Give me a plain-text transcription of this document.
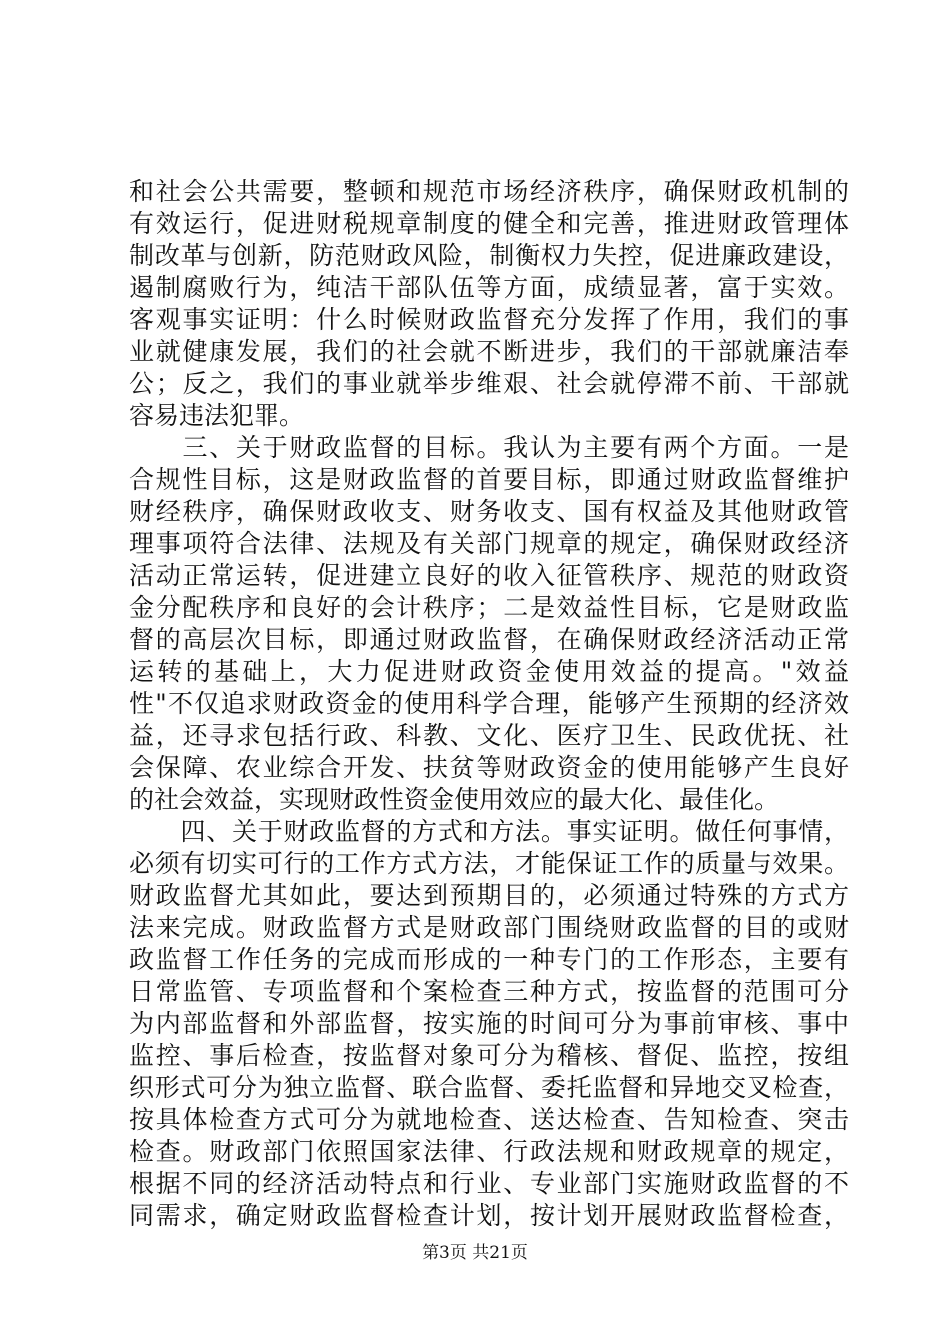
和社会公共需要，整顿和规范市场经济秩序，确保财政机制的
有效运行，促进财税规章制度的健全和完善，推进财政管理体
制改革与创新，防范财政风险，制衡权力失控，促进廉政建设，
遏制腐败行为，纯洁干部队伍等方面，成绩显著，富于实效。
客观事实证明：什么时候财政监督充分发挥了作用，我们的事
业就健康发展，我们的社会就不断进步，我们的干部就廉洁奉
公；反之，我们的事业就举步维艰、社会就停滞不前、干部就
容易违法犯罪。
　　三、关于财政监督的目标。我认为主要有两个方面。一是
合规性目标，这是财政监督的首要目标，即通过财政监督维护
财经秩序，确保财政收支、财务收支、国有权益及其他财政管
理事项符合法律、法规及有关部门规章的规定，确保财政经济
活动正常运转，促进建立良好的收入征管秩序、规范的财政资
金分配秩序和良好的会计秩序；二是效益性目标，它是财政监
督的高层次目标，即通过财政监督，在确保财政经济活动正常
运转的基础上，大力促进财政资金使用效益的提高。"效益
性"不仅追求财政资金的使用科学合理，能够产生预期的经济效
益，还寻求包括行政、科教、文化、医疗卫生、民政优抚、社
会保障、农业综合开发、扶贫等财政资金的使用能够产生良好
的社会效益，实现财政性资金使用效应的最大化、最佳化。
　　四、关于财政监督的方式和方法。事实证明。做任何事情，
必须有切实可行的工作方式方法，才能保证工作的质量与效果。
财政监督尤其如此，要达到预期目的，必须通过特殊的方式方
法来完成。财政监督方式是财政部门围绕财政监督的目的或财
政监督工作任务的完成而形成的一种专门的工作形态，主要有
日常监管、专项监督和个案检查三种方式，按监督的范围可分
为内部监督和外部监督，按实施的时间可分为事前审核、事中
监控、事后检查，按监督对象可分为稽核、督促、监控，按组
织形式可分为独立监督、联合监督、委托监督和异地交叉检查，
按具体检查方式可分为就地检查、送达检查、告知检查、突击
检查。财政部门依照国家法律、行政法规和财政规章的规定，
根据不同的经济活动特点和行业、专业部门实施财政监督的不
同需求，确定财政监督检查计划，按计划开展财政监督检查，
第3页 共21页
